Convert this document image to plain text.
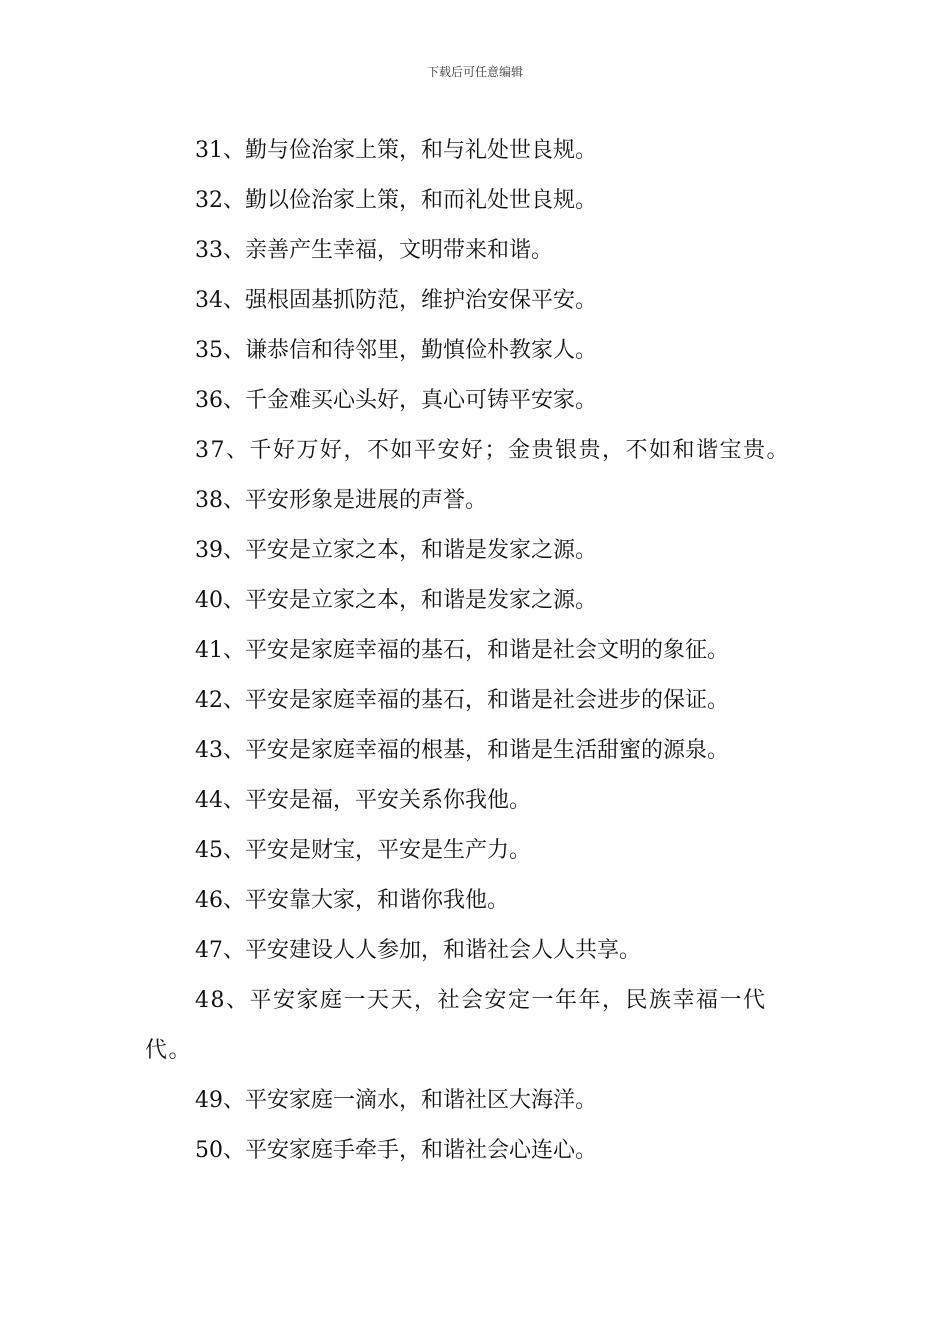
下载后可任意编辑

31、勤与俭治家上策，和与礼处世良规。

32、勤以俭治家上策，和而礼处世良规。

33、亲善产生幸福，文明带来和谐。

34、强根固基抓防范，维护治安保平安。

35、谦恭信和待邻里，勤慎俭朴教家人。

36、千金难买心头好，真心可铸平安家。

37、千好万好，不如平安好；金贵银贵，不如和谐宝贵。

38、平安形象是进展的声誉。

39、平安是立家之本，和谐是发家之源。

40、平安是立家之本，和谐是发家之源。

41、平安是家庭幸福的基石，和谐是社会文明的象征。

42、平安是家庭幸福的基石，和谐是社会进步的保证。

43、平安是家庭幸福的根基，和谐是生活甜蜜的源泉。

44、平安是福，平安关系你我他。

45、平安是财宝，平安是生产力。

46、平安靠大家，和谐你我他。

47、平安建设人人参加，和谐社会人人共享。

48、平安家庭一天天，社会安定一年年，民族幸福一代代。

49、平安家庭一滴水，和谐社区大海洋。

50、平安家庭手牵手，和谐社会心连心。
